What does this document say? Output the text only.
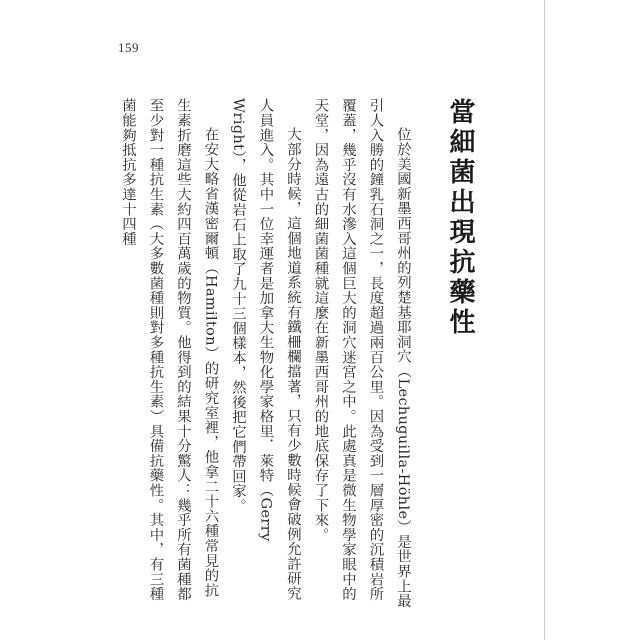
159
當細菌出現抗藥性

位於美國新墨西哥州的列楚基耶洞穴（Lechuguilla-Höhle）是世界上最引人入勝的鐘乳石洞之一，長度超過兩百公里。因為受到一層厚密的沉積岩所覆蓋，幾乎沒有水滲入這個巨大的洞穴迷宮之中。此處真是微生物學家眼中的天堂，因為遠古的細菌菌種就這麼在新墨西哥州的地底保存了下來。

大部分時候，這個地道系統有鐵柵欄擋著，只有少數時候會破例允許研究人員進入。其中一位幸運者是加拿大生物化學家格里．萊特（Gerry Wright），他從岩石上取了九十三個樣本，然後把它們帶回家。

在安大略省漢密爾頓（Hamilton）的研究室裡，他拿二十六種常見的抗生素折磨這些大約四百萬歲的物質。他得到的結果十分驚人：幾乎所有菌種都至少對一種抗生素（大多數菌種則對多種抗生素）具備抗藥性。其中，有三種菌能夠抵抗多達十四種
